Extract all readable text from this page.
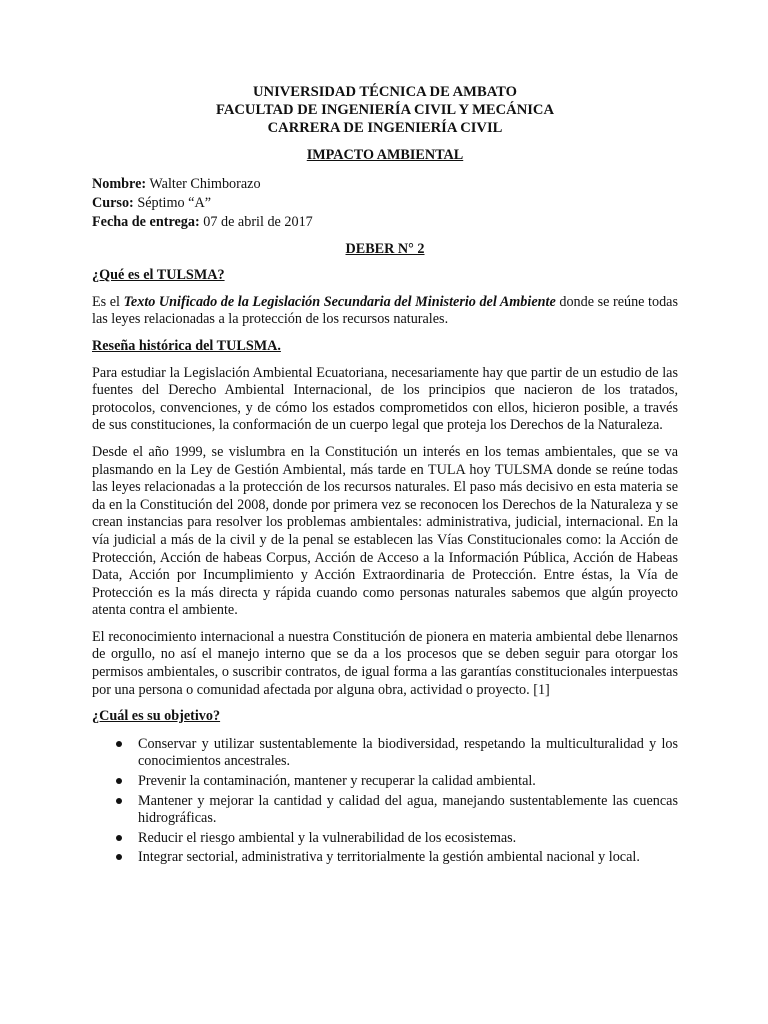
UNIVERSIDAD TÉCNICA DE AMBATO
FACULTAD DE INGENIERÍA CIVIL Y MECÁNICA
CARRERA DE INGENIERÍA CIVIL
IMPACTO AMBIENTAL
Nombre: Walter Chimborazo
Curso: Séptimo “A”
Fecha de entrega: 07 de abril de 2017
DEBER N° 2
¿Qué es el TULSMA?

Es el Texto Unificado de la Legislación Secundaria del Ministerio del Ambiente donde se reúne todas las leyes relacionadas a la protección de los recursos naturales.

Reseña histórica del TULSMA.

Para estudiar la Legislación Ambiental Ecuatoriana, necesariamente hay que partir de un estudio de las fuentes del Derecho Ambiental Internacional, de los principios que nacieron de los tratados, protocolos, convenciones, y de cómo los estados comprometidos con ellos, hicieron posible, a través de sus constituciones, la conformación de un cuerpo legal que proteja los Derechos de la Naturaleza.

Desde el año 1999, se vislumbra en la Constitución un interés en los temas ambientales, que se va plasmando en la Ley de Gestión Ambiental, más tarde en TULA hoy TULSMA donde se reúne todas las leyes relacionadas a la protección de los recursos naturales. El paso más decisivo en esta materia se da en la Constitución del 2008, donde por primera vez se reconocen los Derechos de la Naturaleza y se crean instancias para resolver los problemas ambientales: administrativa, judicial, internacional. En la vía judicial a más de la civil y de la penal se establecen las Vías Constitucionales como: la Acción de Protección, Acción de habeas Corpus, Acción de Acceso a la Información Pública, Acción de Habeas Data, Acción por Incumplimiento y Acción Extraordinaria de Protección. Entre éstas, la Vía de Protección es la más directa y rápida cuando como personas naturales sabemos que algún proyecto atenta contra el ambiente.

El reconocimiento internacional a nuestra Constitución de pionera en materia ambiental debe llenarnos de orgullo, no así el manejo interno que se da a los procesos que se deben seguir para otorgar los permisos ambientales, o suscribir contratos, de igual forma a las garantías constitucionales interpuestas por una persona o comunidad afectada por alguna obra, actividad o proyecto. [1]

¿Cuál es su objetivo?
Conservar y utilizar sustentablemente la biodiversidad, respetando la multiculturalidad y los conocimientos ancestrales.
Prevenir la contaminación, mantener y recuperar la calidad ambiental.
Mantener y mejorar la cantidad y calidad del agua, manejando sustentablemente las cuencas hidrográficas.
Reducir el riesgo ambiental y la vulnerabilidad de los ecosistemas.
Integrar sectorial, administrativa y territorialmente la gestión ambiental nacional y local.
